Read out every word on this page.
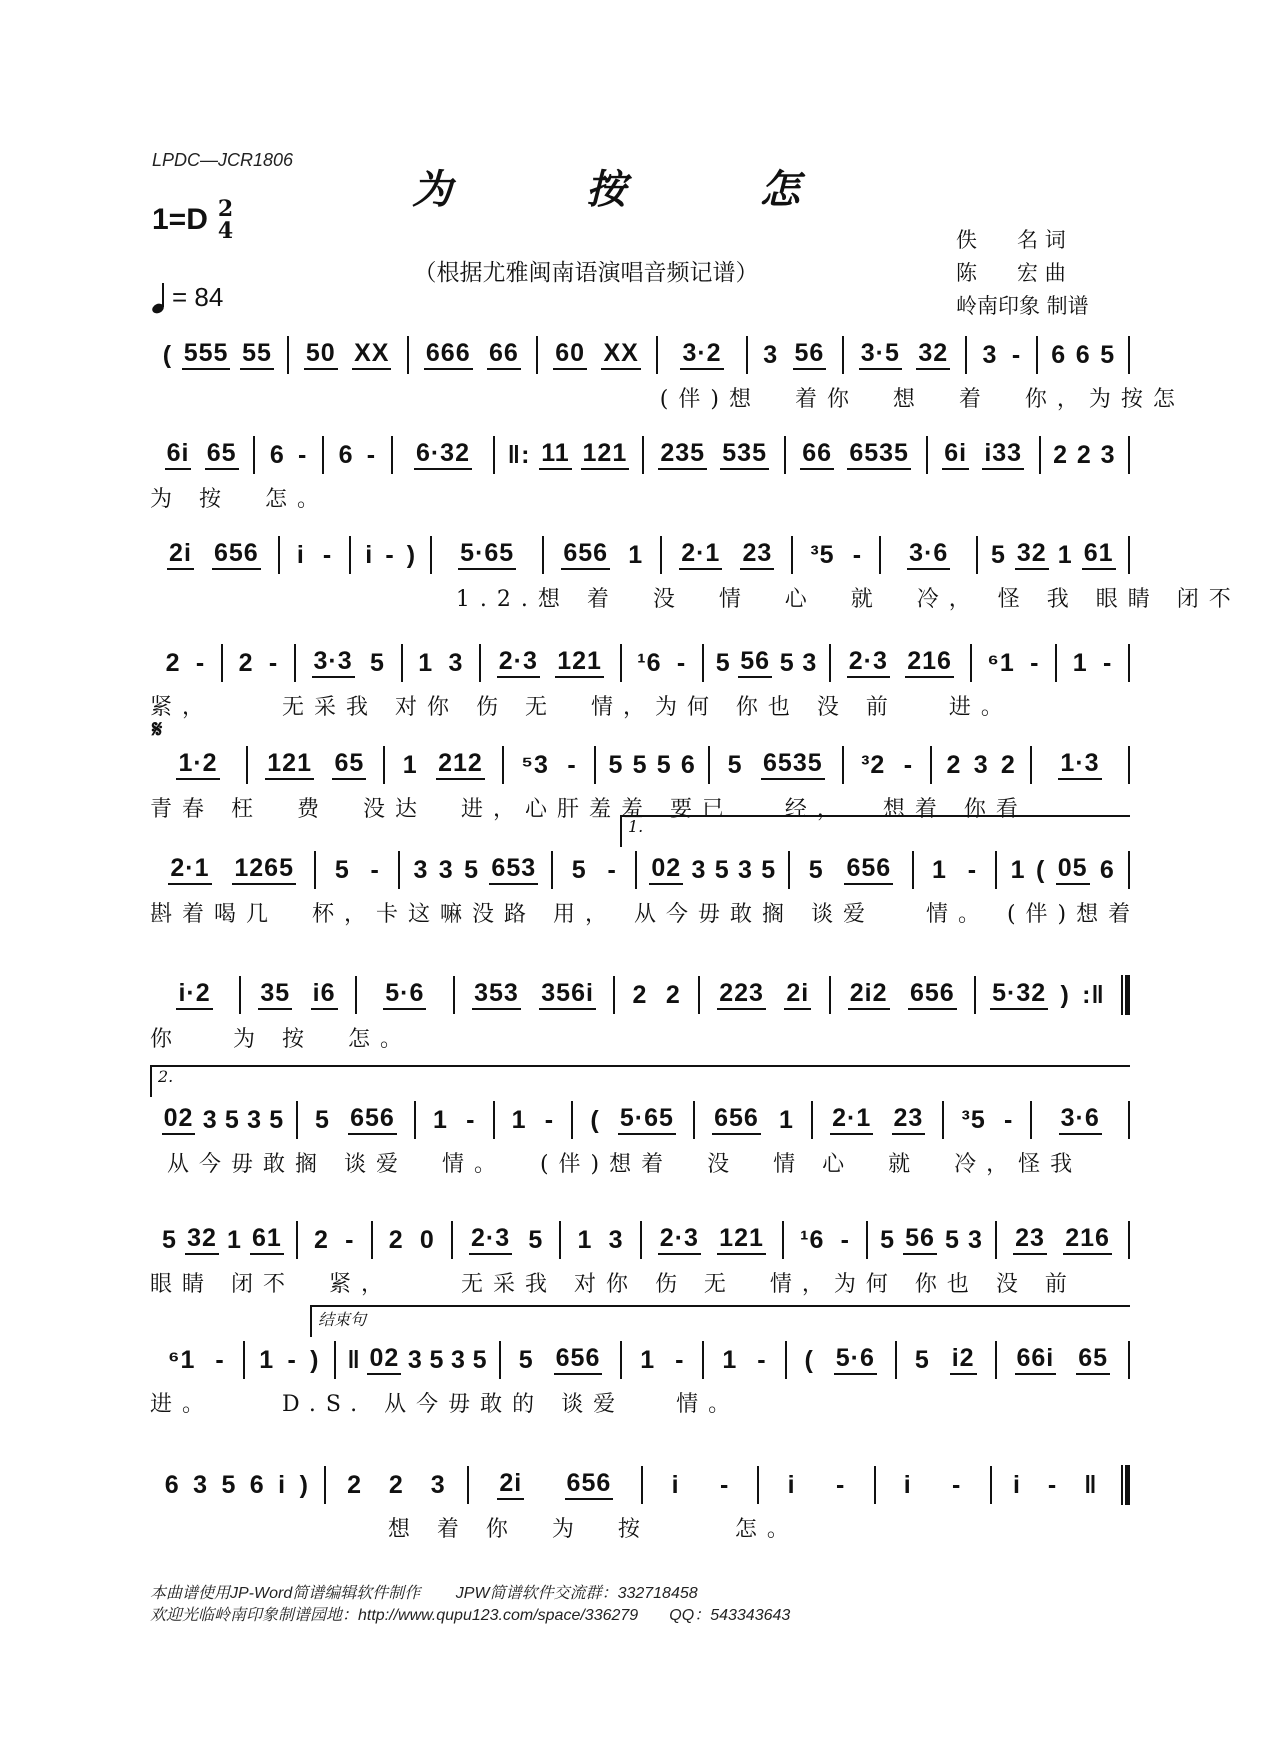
LPDC—JCR1806
为 按 怎
1=D 2
4
（根据尤雅闽南语演唱音频记谱）
= 84
佚      名 词
陈      宏 曲
岭南印象 制谱
( 555 55 50 XX 666 66 60 XX 3·2 3 56 3·5 32 3 - 6 6 5
(伴)想  着你  想  着  你，为按怎
6i 65 6 - 6 - 6·32 ‖: 11 121 235 535 66 6535 6i i33 2 2 3
为 按  怎。
2i 656 i - i - ) 5·65 656 1 2·1 23 ³5 - 3·6 5 32 1 61
1.2.想 着  没  情  心  就  冷， 怪 我 眼睛 闭不
2 - 2 - 3·3 5 1 3 2·3 121 ¹6 - 5 56 5 3 2·3 216 ⁶1 - 1 -
紧，    无采我 对你 伤 无  情，为何 你也 没 前   进。
𝄋
1·2 121 65 1 212 ⁵3 - 5 5 5 6 5 6535 ³2 - 2 3 2 1·3
青春 枉  费  没达  进，心肝羞羞 要已   经，  想着 你看
1.
2·1 1265 5 - 3 3 5 653 5 - 02 3 5 3 5 5 656 1 - 1 ( 05 6
斟着喝几  杯，卡这嘛没路 用， 从今毋敢搁 谈爱   情。 (伴)想着
i·2 35 i6 5·6 353 356i 2 2 223 2i 2i2 656 5·32 ) :‖
你   为 按  怎。
2.
02 3 5 3 5 5 656 1 - 1 - ( 5·65 656 1 2·1 23 ³5 - 3·6
从今毋敢搁 谈爱  情。  (伴)想着  没  情 心  就  冷，怪我
5 32 1 61 2 - 2 0 2·3 5 1 3 2·3 121 ¹6 - 5 56 5 3 23 216
眼睛 闭不  紧，    无采我 对你 伤 无  情，为何 你也 没 前
结束句
⁶1 - 1 - ) ‖ 02 3 5 3 5 5 656 1 - 1 - ( 5·6 5 i2 66i 65
进。    D.S. 从今毋敢的 谈爱   情。
6 3 5 6 i ) 2 2 3 2i 656 i - i - i - i - ‖
想 着 你  为  按     怎。
本曲谱使用JP-Word简谱编辑软件制作        JPW简谱软件交流群：332718458
欢迎光临岭南印象制谱园地：http://www.qupu123.com/space/336279       QQ：543343643
